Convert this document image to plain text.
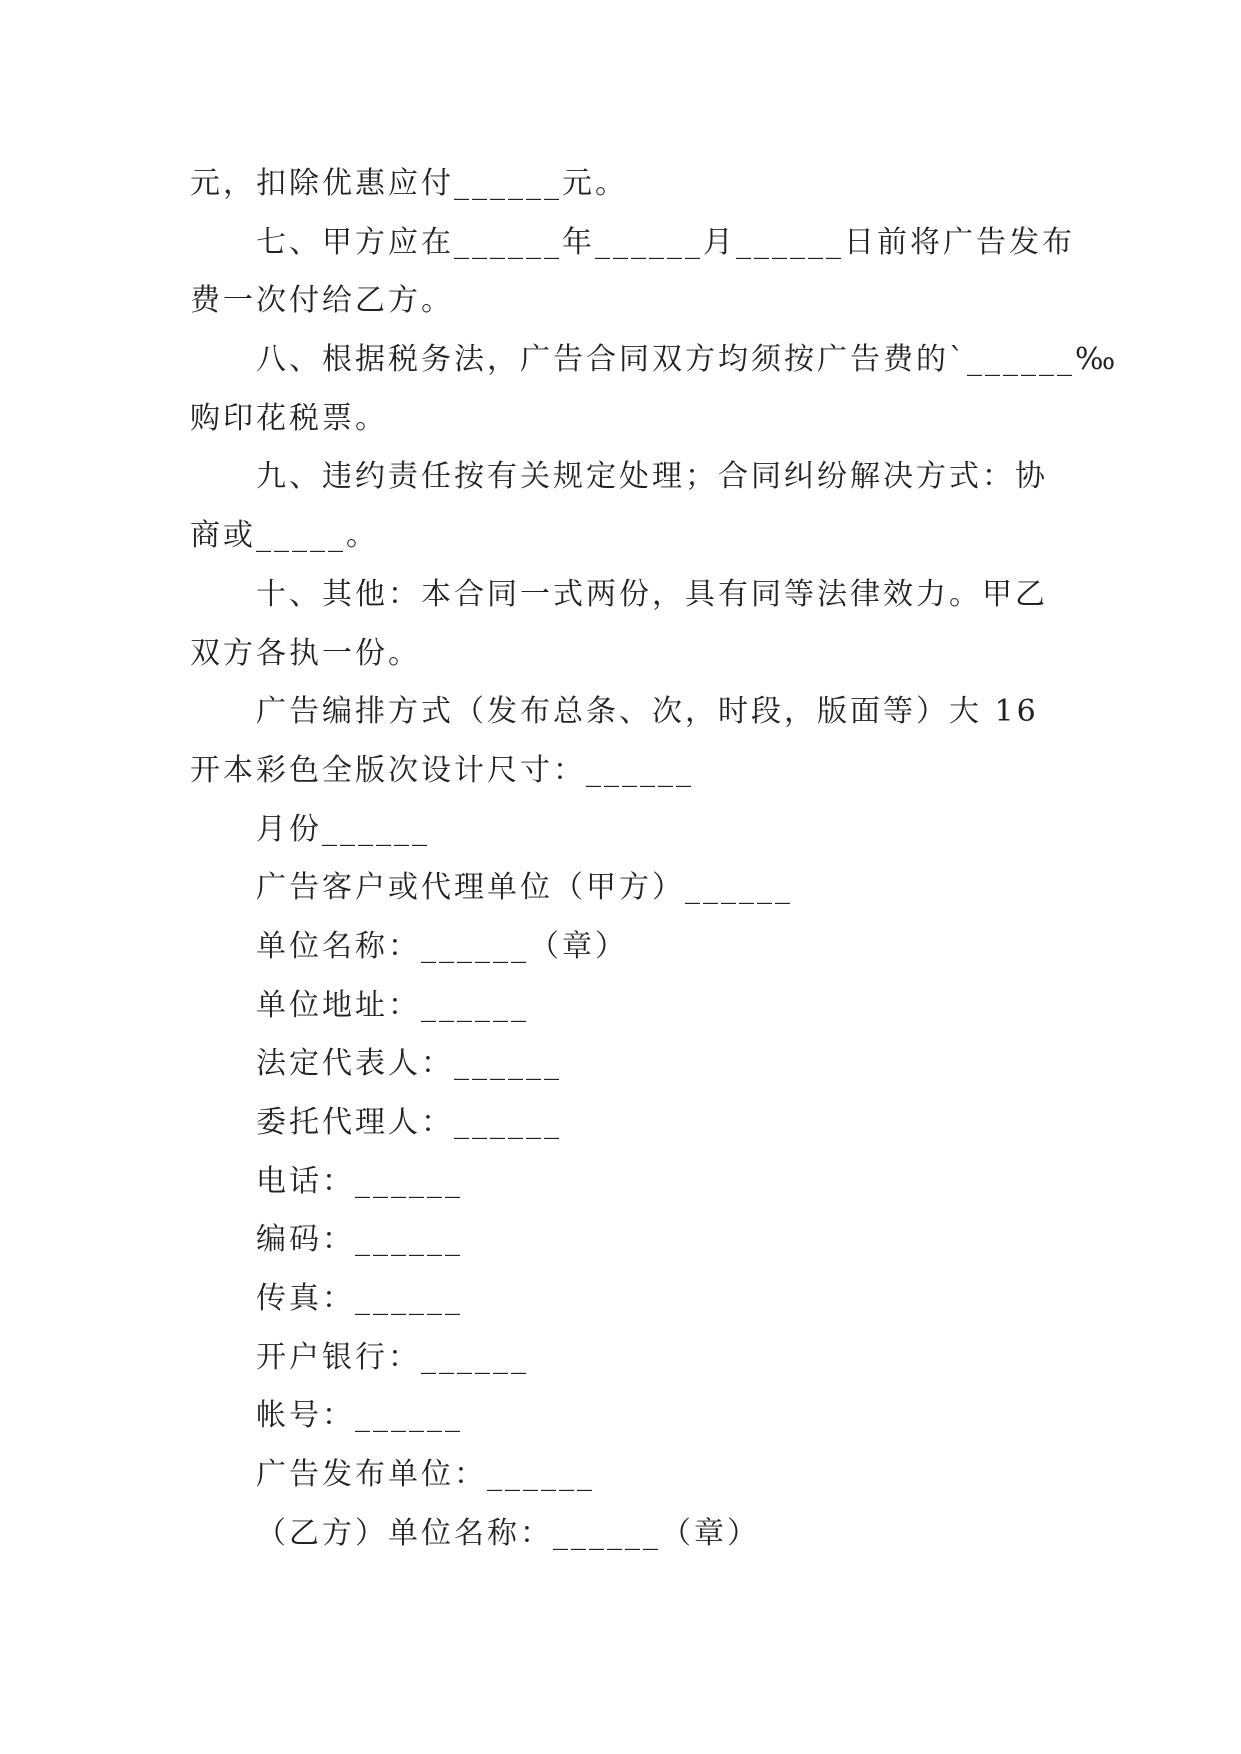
元，扣除优惠应付______元。
七、甲方应在______年______月______日前将广告发布
费一次付给乙方。
八、根据税务法，广告合同双方均须按广告费的`______‰
购印花税票。
九、违约责任按有关规定处理；合同纠纷解决方式：协
商或_____。
十、其他：本合同一式两份，具有同等法律效力。甲乙
双方各执一份。
广告编排方式（发布总条、次，时段，版面等）大 16
开本彩色全版次设计尺寸：______
月份______
广告客户或代理单位（甲方）______
单位名称：______（章）
单位地址：______
法定代表人：______
委托代理人：______
电话：______
编码：______
传真：______
开户银行：______
帐号：______
广告发布单位：______
（乙方）单位名称：______（章）
